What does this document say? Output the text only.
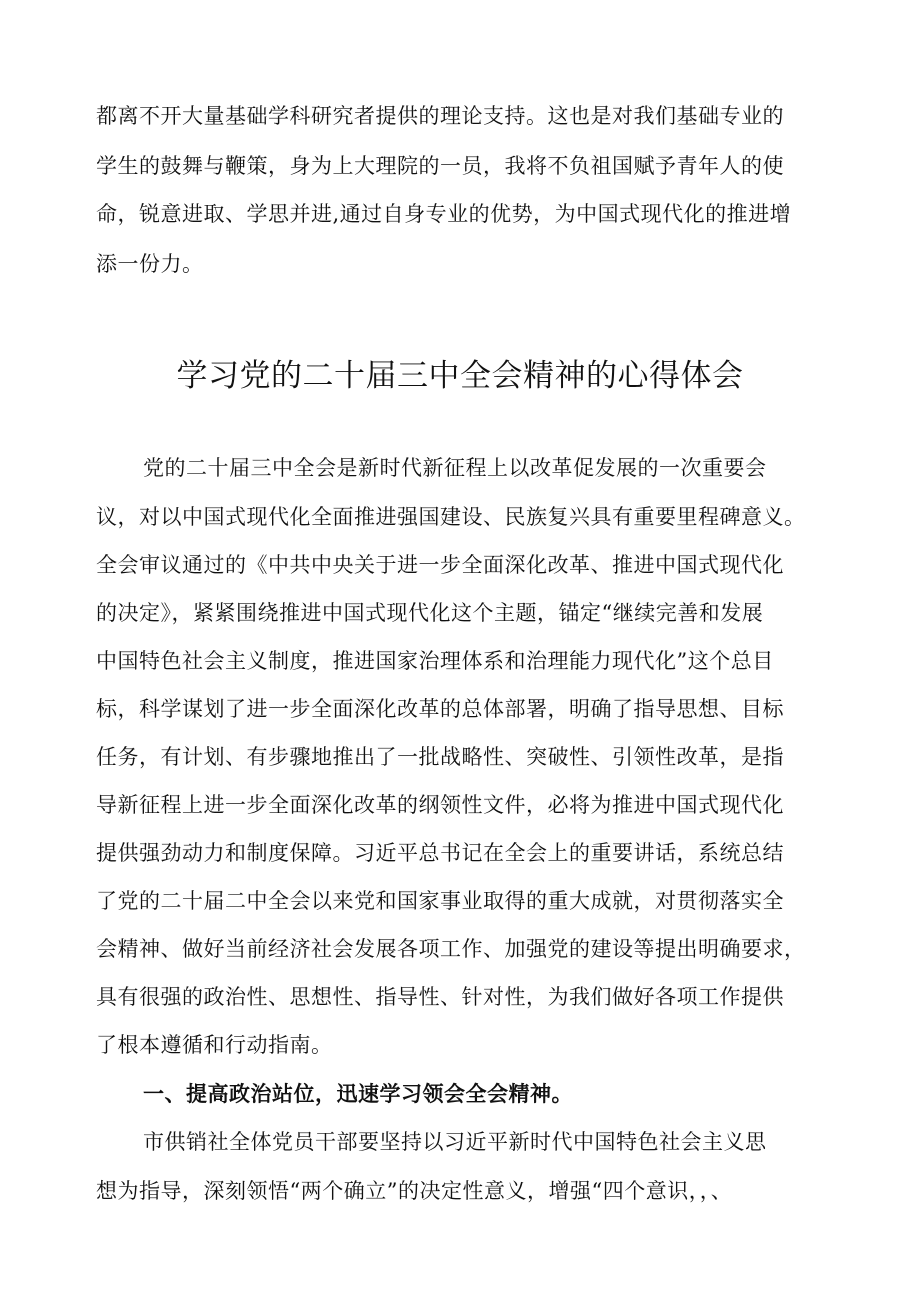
都离不开大量基础学科研究者提供的理论支持。这也是对我们基础专业的
学生的鼓舞与鞭策，身为上大理院的一员，我将不负祖国赋予青年人的使
命，锐意进取、学思并进,通过自身专业的优势，为中国式现代化的推进增
添一份力。
学习党的二十届三中全会精神的心得体会
党的二十届三中全会是新时代新征程上以改革促发展的一次重要会
议，对以中国式现代化全面推进强国建设、民族复兴具有重要里程碑意义。
全会审议通过的《中共中央关于进一步全面深化改革、推进中国式现代化
的决定》，紧紧围绕推进中国式现代化这个主题，锚定“继续完善和发展
中国特色社会主义制度，推进国家治理体系和治理能力现代化”这个总目
标，科学谋划了进一步全面深化改革的总体部署，明确了指导思想、目标
任务，有计划、有步骤地推出了一批战略性、突破性、引领性改革，是指
导新征程上进一步全面深化改革的纲领性文件，必将为推进中国式现代化
提供强劲动力和制度保障。习近平总书记在全会上的重要讲话，系统总结
了党的二十届二中全会以来党和国家事业取得的重大成就，对贯彻落实全
会精神、做好当前经济社会发展各项工作、加强党的建设等提出明确要求，
具有很强的政治性、思想性、指导性、针对性，为我们做好各项工作提供
了根本遵循和行动指南。
一、提高政治站位，迅速学习领会全会精神。
市供销社全体党员干部要坚持以习近平新时代中国特色社会主义思
想为指导，深刻领悟“两个确立”的决定性意义，增强“四个意识，，、
